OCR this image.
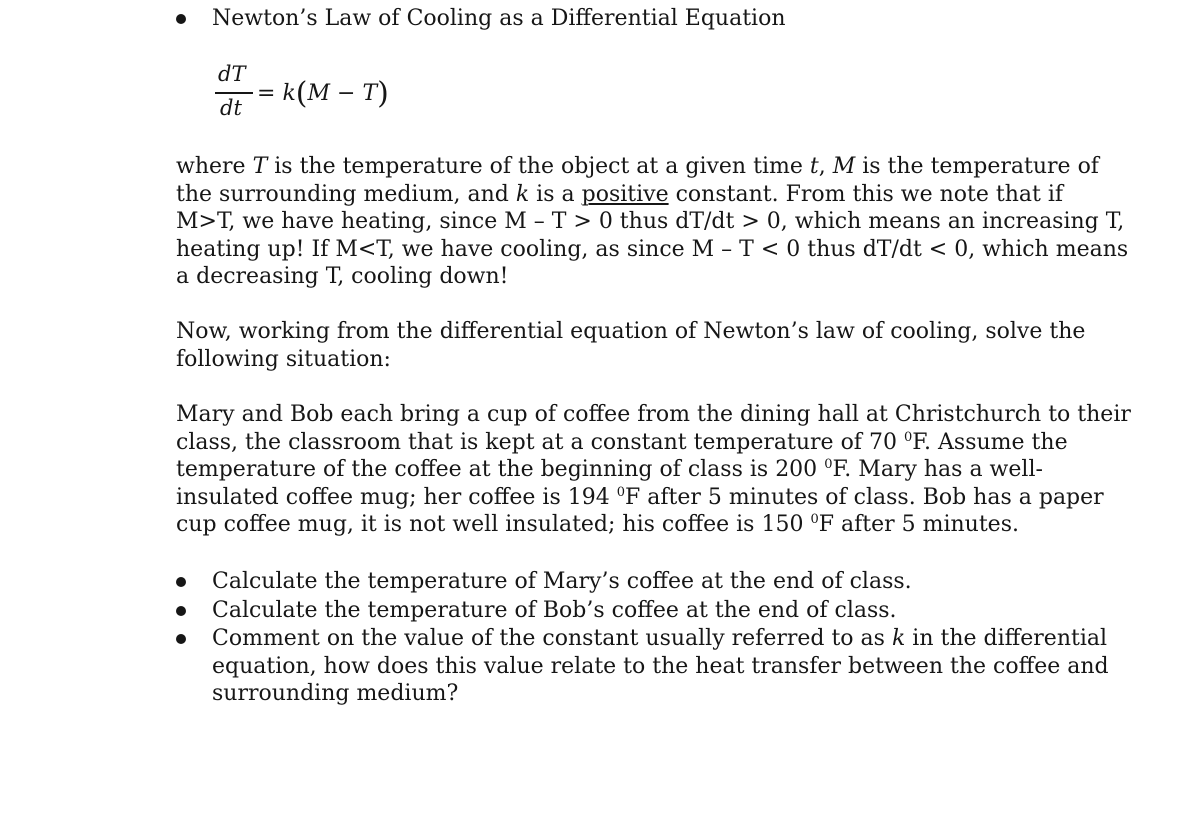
Newton’s Law of Cooling as a Differential Equation
dT
dt
= k(M − T)

where T is the temperature of the object at a given time t, M is the temperature of
the surrounding medium, and k is a positive constant. From this we note that if
M>T, we have heating, since M – T > 0 thus dT/dt > 0, which means an increasing T,
heating up! If M<T, we have cooling, as since M – T < 0 thus dT/dt < 0, which means
a decreasing T, cooling down!

Now, working from the differential equation of Newton’s law of cooling, solve the
following situation:

Mary and Bob each bring a cup of coffee from the dining hall at Christchurch to their
class, the classroom that is kept at a constant temperature of 70 $^0$F. Assume the
temperature of the coffee at the beginning of class is 200 $^0$F. Mary has a well-
insulated coffee mug; her coffee is 194 $^0$F after 5 minutes of class. Bob has a paper
cup coffee mug, it is not well insulated; his coffee is 150 $^0$F after 5 minutes.

Calculate the temperature of Mary’s coffee at the end of class.
Calculate the temperature of Bob’s coffee at the end of class.
Comment on the value of the constant usually referred to as k in the differential
equation, how does this value relate to the heat transfer between the coffee and
surrounding medium?
